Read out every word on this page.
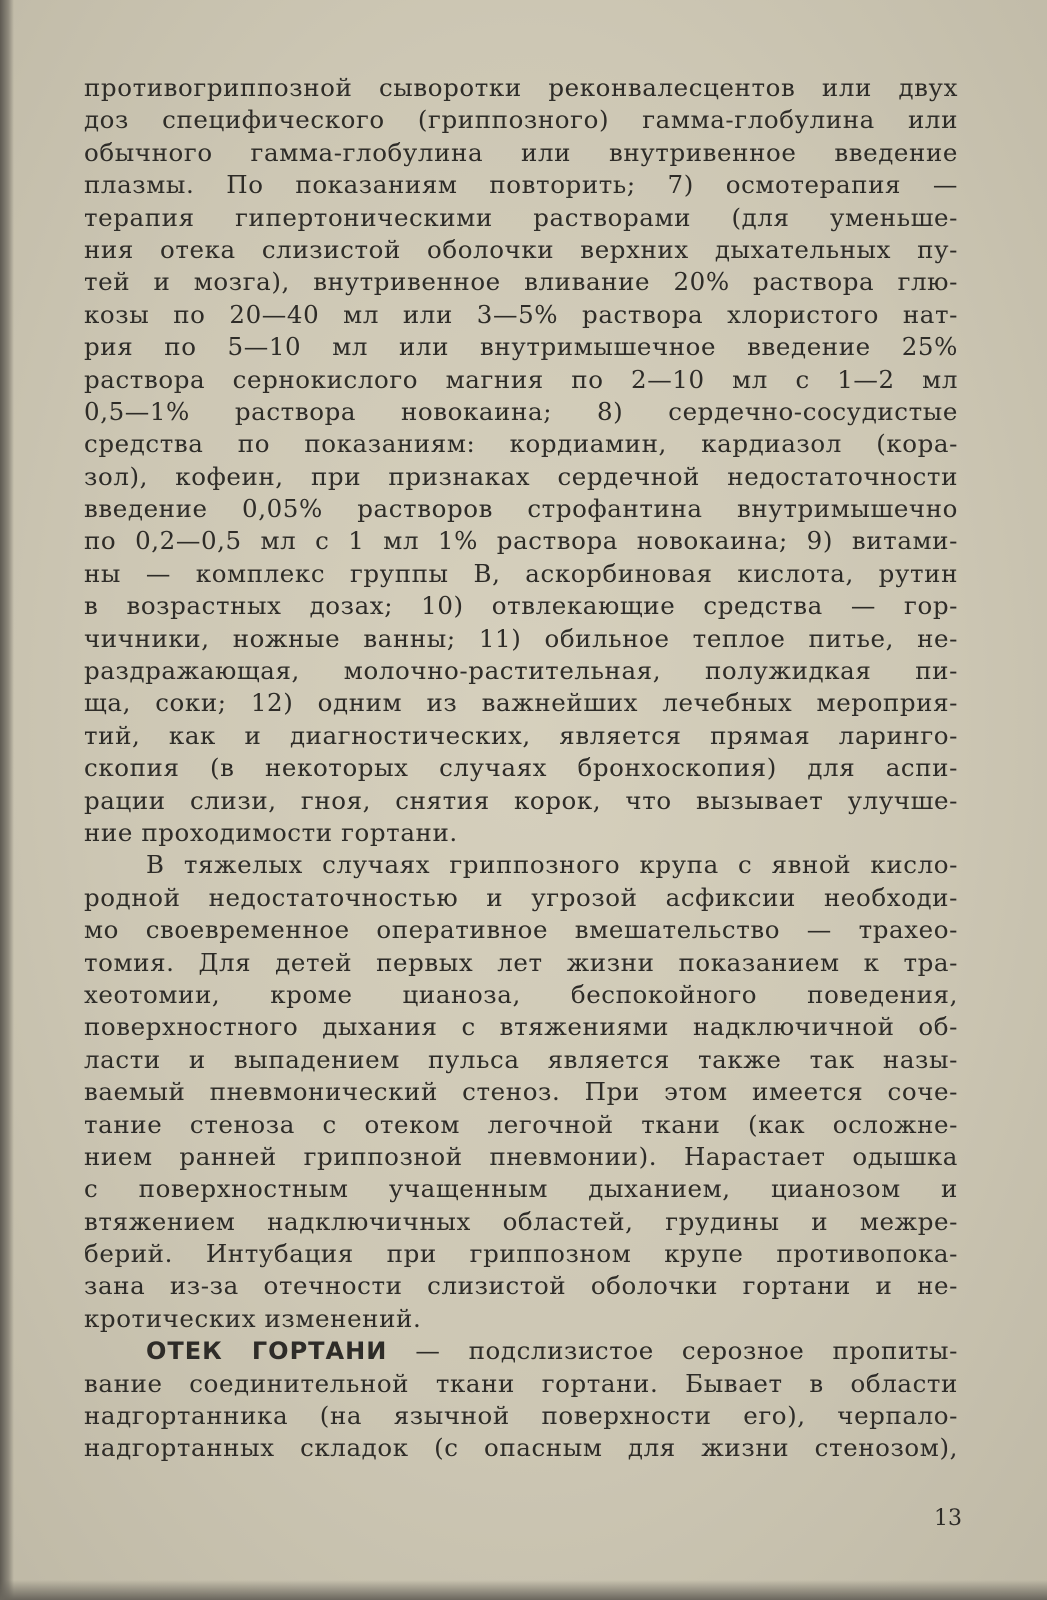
противогриппозной сыворотки реконвалесцентов или двух
доз специфического (гриппозного) гамма-глобулина или
обычного гамма-глобулина или внутривенное введение
плазмы. По показаниям повторить; 7) осмотерапия —
терапия гипертоническими растворами (для уменьше-
ния отека слизистой оболочки верхних дыхательных пу-
тей и мозга), внутривенное вливание 20% раствора глю-
козы по 20—40 мл или 3—5% раствора хлористого нат-
рия по 5—10 мл или внутримышечное введение 25%
раствора сернокислого магния по 2—10 мл с 1—2 мл
0,5—1% раствора новокаина; 8) сердечно-сосудистые
средства по показаниям: кордиамин, кардиазол (кора-
зол), кофеин, при признаках сердечной недостаточности
введение 0,05% растворов строфантина внутримышечно
по 0,2—0,5 мл с 1 мл 1% раствора новокаина; 9) витами-
ны — комплекс группы В, аскорбиновая кислота, рутин
в возрастных дозах; 10) отвлекающие средства — гор-
чичники, ножные ванны; 11) обильное теплое питье, не-
раздражающая, молочно-растительная, полужидкая пи-
ща, соки; 12) одним из важнейших лечебных мероприя-
тий, как и диагностических, является прямая ларинго-
скопия (в некоторых случаях бронхоскопия) для аспи-
рации слизи, гноя, снятия корок, что вызывает улучше-
ние проходимости гортани.
В тяжелых случаях гриппозного крупа с явной кисло-
родной недостаточностью и угрозой асфиксии необходи-
мо своевременное оперативное вмешательство — трахео-
томия. Для детей первых лет жизни показанием к тра-
хеотомии, кроме цианоза, беспокойного поведения,
поверхностного дыхания с втяжениями надключичной об-
ласти и выпадением пульса является также так назы-
ваемый пневмонический стеноз. При этом имеется соче-
тание стеноза с отеком легочной ткани (как осложне-
нием ранней гриппозной пневмонии). Нарастает одышка
с поверхностным учащенным дыханием, цианозом и
втяжением надключичных областей, грудины и межре-
берий. Интубация при гриппозном крупе противопока-
зана из-за отечности слизистой оболочки гортани и не-
кротических изменений.
ОТЕК ГОРТАНИ — подслизистое серозное пропиты-
вание соединительной ткани гортани. Бывает в области
надгортанника (на язычной поверхности его), черпало-
надгортанных складок (с опасным для жизни стенозом),
13
